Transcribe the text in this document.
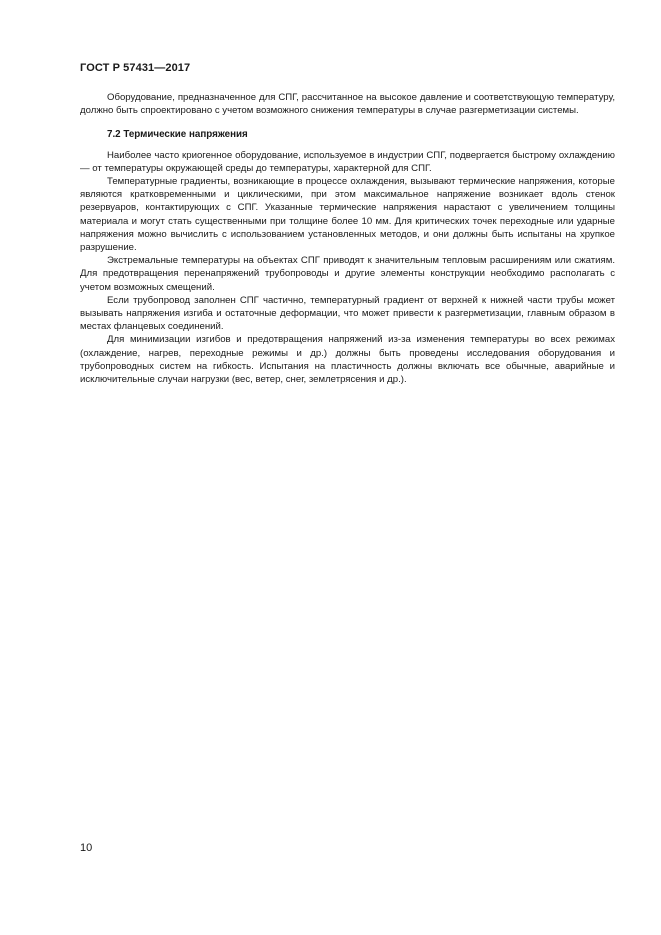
ГОСТ Р 57431—2017

Оборудование, предназначенное для СПГ, рассчитанное на высокое давление и соответствующую температуру, должно быть спроектировано с учетом возможного снижения температуры в случае разгерметизации системы.

7.2 Термические напряжения

Наиболее часто криогенное оборудование, используемое в индустрии СПГ, подвергается быстрому охлаждению — от температуры окружающей среды до температуры, характерной для СПГ.

Температурные градиенты, возникающие в процессе охлаждения, вызывают термические напряжения, которые являются кратковременными и циклическими, при этом максимальное напряжение возникает вдоль стенок резервуаров, контактирующих с СПГ. Указанные термические напряжения нарастают с увеличением толщины материала и могут стать существенными при толщине более 10 мм. Для критических точек переходные или ударные напряжения можно вычислить с использованием установленных методов, и они должны быть испытаны на хрупкое разрушение.

Экстремальные температуры на объектах СПГ приводят к значительным тепловым расширениям или сжатиям. Для предотвращения перенапряжений трубопроводы и другие элементы конструкции необходимо располагать с учетом возможных смещений.

Если трубопровод заполнен СПГ частично, температурный градиент от верхней к нижней части трубы может вызывать напряжения изгиба и остаточные деформации, что может привести к разгерметизации, главным образом в местах фланцевых соединений.

Для минимизации изгибов и предотвращения напряжений из-за изменения температуры во всех режимах (охлаждение, нагрев, переходные режимы и др.) должны быть проведены исследования оборудования и трубопроводных систем на гибкость. Испытания на пластичность должны включать все обычные, аварийные и исключительные случаи нагрузки (вес, ветер, снег, землетрясения и др.).

10
